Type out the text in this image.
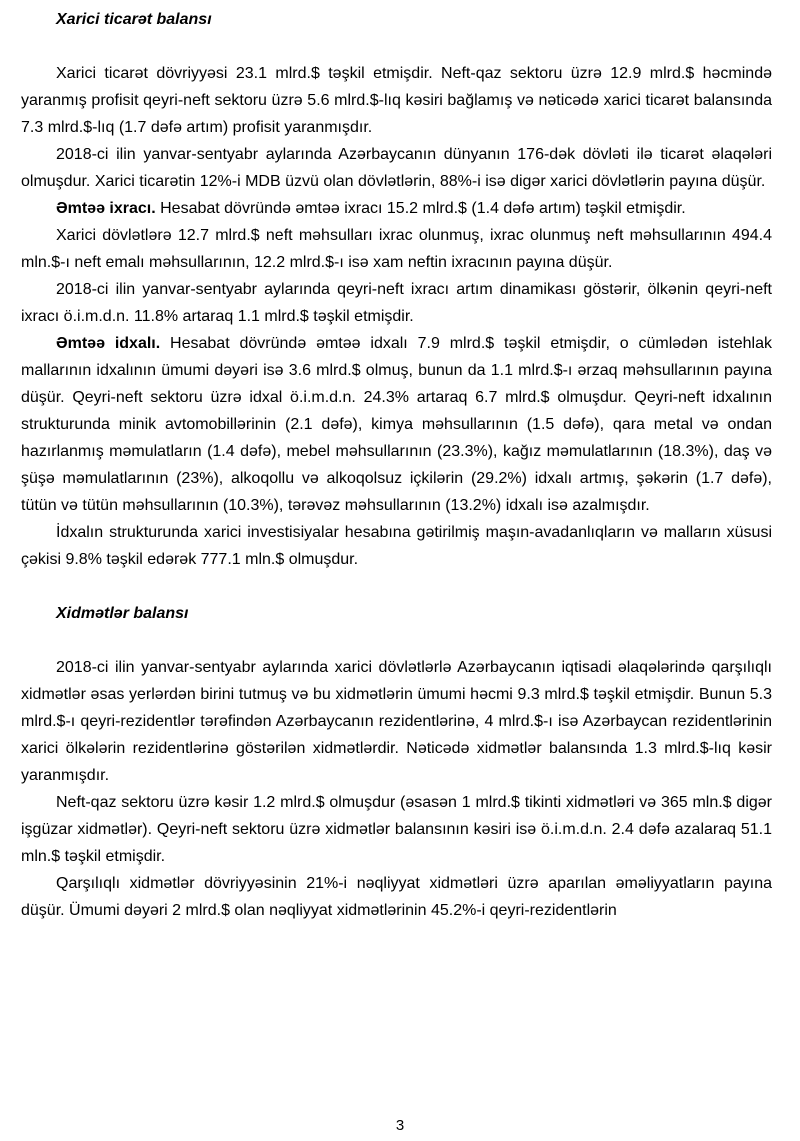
Xarici ticarət balansı

Xarici ticarət dövriyyəsi 23.1 mlrd.$ təşkil etmişdir. Neft-qaz sektoru üzrə 12.9 mlrd.$ həcmində yaranmış profisit qeyri-neft sektoru üzrə 5.6 mlrd.$-lıq kəsiri bağlamış və nəticədə xarici ticarət balansında 7.3 mlrd.$-lıq (1.7 dəfə artım) profisit yaranmışdır.

2018-ci ilin yanvar-sentyabr aylarında Azərbaycanın dünyanın 176-dək dövləti ilə ticarət əlaqələri olmuşdur. Xarici ticarətin 12%-i MDB üzvü olan dövlətlərin, 88%-i isə digər xarici dövlətlərin payına düşür.

Əmtəə ixracı. Hesabat dövründə əmtəə ixracı 15.2 mlrd.$ (1.4 dəfə artım) təşkil etmişdir.

Xarici dövlətlərə 12.7 mlrd.$ neft məhsulları ixrac olunmuş, ixrac olunmuş neft məhsullarının 494.4 mln.$-ı neft emalı məhsullarının, 12.2 mlrd.$-ı isə xam neftin ixracının payına düşür.

2018-ci ilin yanvar-sentyabr aylarında qeyri-neft ixracı artım dinamikası göstərir, ölkənin qeyri-neft ixracı ö.i.m.d.n. 11.8% artaraq 1.1 mlrd.$ təşkil etmişdir.

Əmtəə idxalı. Hesabat dövründə əmtəə idxalı 7.9 mlrd.$ təşkil etmişdir, o cümlədən istehlak mallarının idxalının ümumi dəyəri isə 3.6 mlrd.$ olmuş, bunun da 1.1 mlrd.$-ı ərzaq məhsullarının payına düşür. Qeyri-neft sektoru üzrə idxal ö.i.m.d.n. 24.3% artaraq 6.7 mlrd.$ olmuşdur. Qeyri-neft idxalının strukturunda minik avtomobillərinin (2.1 dəfə), kimya məhsullarının (1.5 dəfə), qara metal və ondan hazırlanmış məmulatların (1.4 dəfə), mebel məhsullarının (23.3%), kağız məmulatlarının (18.3%), daş və şüşə məmulatlarının (23%), alkoqollu və alkoqolsuz içkilərin (29.2%) idxalı artmış, şəkərin (1.7 dəfə), tütün və tütün məhsullarının (10.3%), tərəvəz məhsullarının (13.2%) idxalı isə azalmışdır.

İdxalın strukturunda xarici investisiyalar hesabına gətirilmiş maşın-avadanlıqların və malların xüsusi çəkisi 9.8% təşkil edərək 777.1 mln.$ olmuşdur.

Xidmətlər balansı

2018-ci ilin yanvar-sentyabr aylarında xarici dövlətlərlə Azərbaycanın iqtisadi əlaqələrində qarşılıqlı xidmətlər əsas yerlərdən birini tutmuş və bu xidmətlərin ümumi həcmi 9.3 mlrd.$ təşkil etmişdir. Bunun 5.3 mlrd.$-ı qeyri-rezidentlər tərəfindən Azərbaycanın rezidentlərinə, 4 mlrd.$-ı isə Azərbaycan rezidentlərinin xarici ölkələrin rezidentlərinə göstərilən xidmətlərdir. Nəticədə xidmətlər balansında 1.3 mlrd.$-lıq kəsir yaranmışdır.

Neft-qaz sektoru üzrə kəsir 1.2 mlrd.$ olmuşdur (əsasən 1 mlrd.$ tikinti xidmətləri və 365 mln.$ digər işgüzar xidmətlər). Qeyri-neft sektoru üzrə xidmətlər balansının kəsiri isə ö.i.m.d.n. 2.4 dəfə azalaraq 51.1 mln.$ təşkil etmişdir.

Qarşılıqlı xidmətlər dövriyyəsinin 21%-i nəqliyyat xidmətləri üzrə aparılan əməliyyatların payına düşür. Ümumi dəyəri 2 mlrd.$ olan nəqliyyat xidmətlərinin 45.2%-i qeyri-rezidentlərin

3
